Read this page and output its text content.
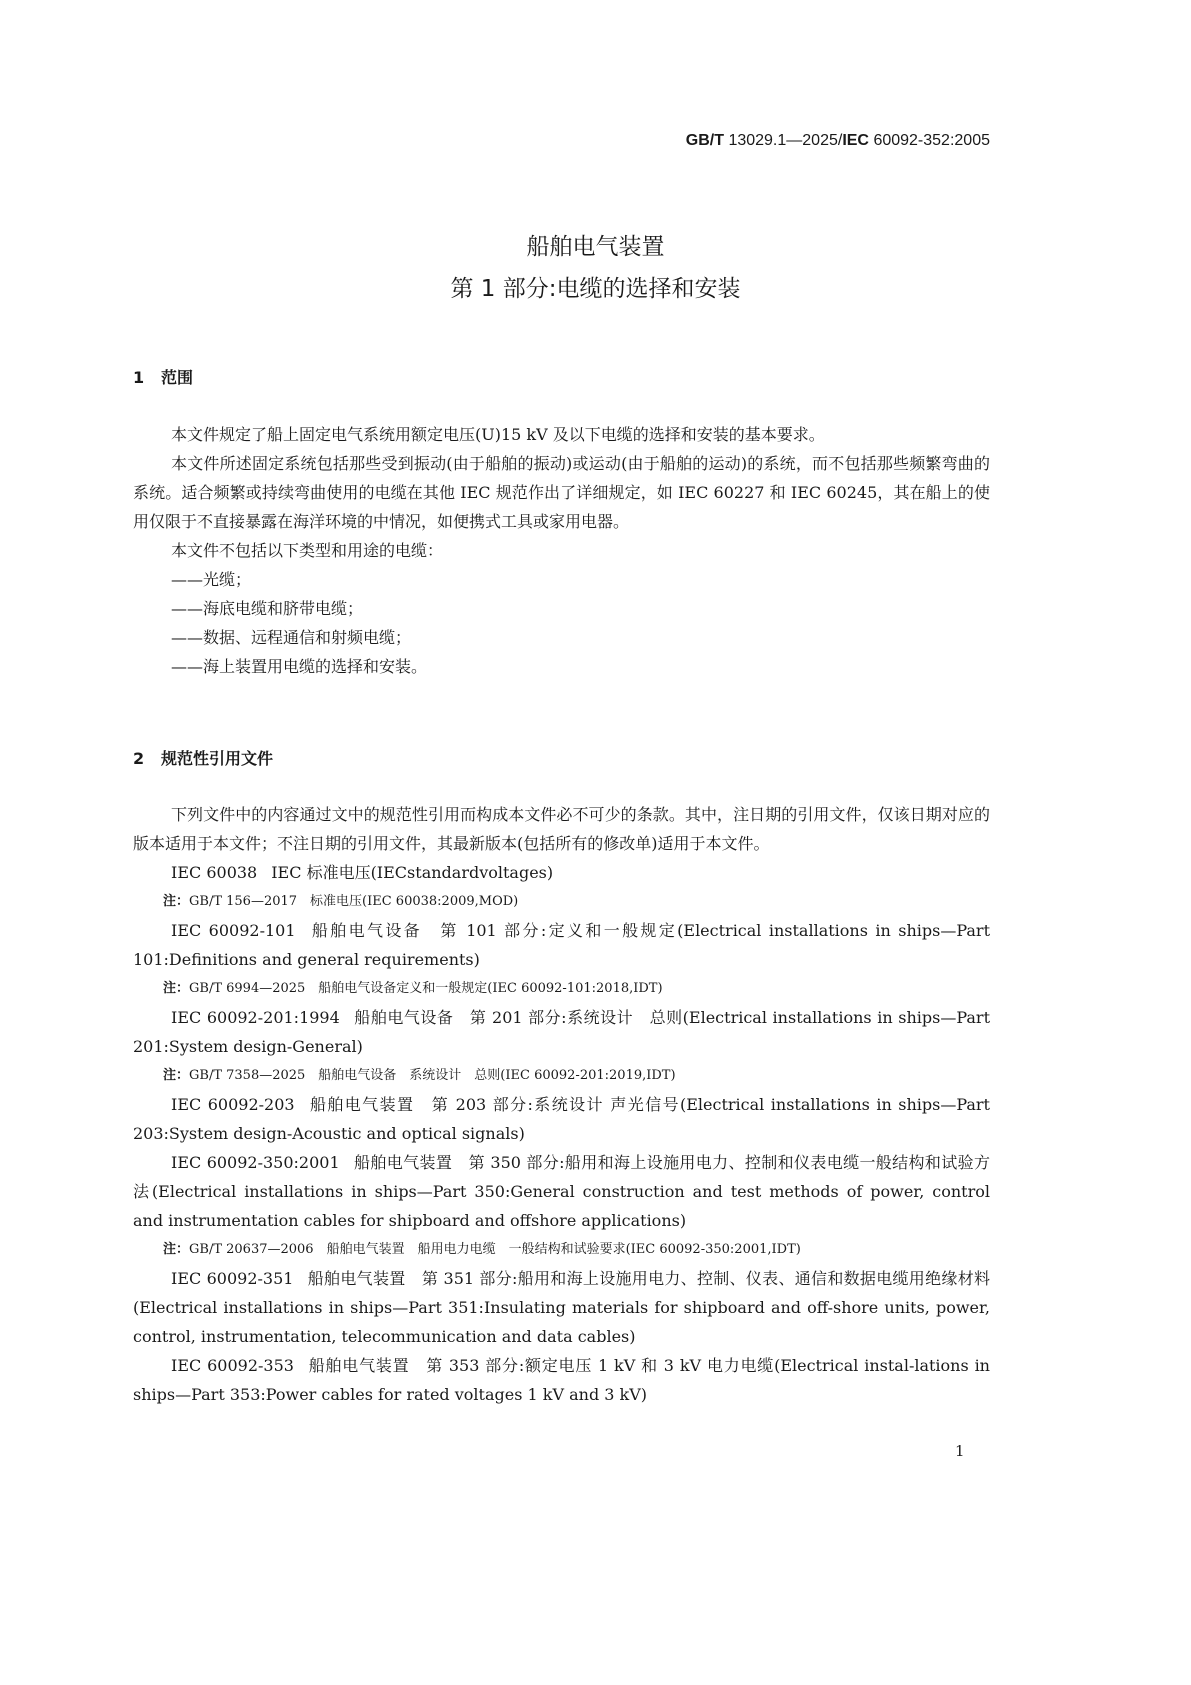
GB/T 13029.1—2025/IEC 60092-352:2005
船舶电气装置
第 1 部分:电缆的选择和安装
1 范围
本文件规定了船上固定电气系统用额定电压(U)15 kV 及以下电缆的选择和安装的基本要求。
本文件所述固定系统包括那些受到振动(由于船舶的振动)或运动(由于船舶的运动)的系统，而不包括那些频繁弯曲的系统。适合频繁或持续弯曲使用的电缆在其他 IEC 规范作出了详细规定，如 IEC 60227 和 IEC 60245，其在船上的使用仅限于不直接暴露在海洋环境的中情况，如便携式工具或家用电器。
本文件不包括以下类型和用途的电缆：
——光缆；
——海底电缆和脐带电缆；
——数据、远程通信和射频电缆；
——海上装置用电缆的选择和安装。
2 规范性引用文件
下列文件中的内容通过文中的规范性引用而构成本文件必不可少的条款。其中，注日期的引用文件，仅该日期对应的版本适用于本文件；不注日期的引用文件，其最新版本(包括所有的修改单)适用于本文件。
IEC 60038 IEC 标准电压(IECstandardvoltages)
注：GB/T 156—2017　标准电压(IEC 60038:2009,MOD)
IEC 60092-101 船舶电气设备　第 101 部分:定义和一般规定(Electrical installations in ships—Part 101:Definitions and general requirements)
注：GB/T 6994—2025　船舶电气设备定义和一般规定(IEC 60092-101:2018,IDT)
IEC 60092-201:1994 船舶电气设备　第 201 部分:系统设计　总则(Electrical installations in ships—Part 201:System design-General)
注：GB/T 7358—2025　船舶电气设备　系统设计　总则(IEC 60092-201:2019,IDT)
IEC 60092-203 船舶电气装置　第 203 部分:系统设计 声光信号(Electrical installations in ships—Part 203:System design-Acoustic and optical signals)
IEC 60092-350:2001 船舶电气装置　第 350 部分:船用和海上设施用电力、控制和仪表电缆一般结构和试验方法(Electrical installations in ships—Part 350:General construction and test methods of power, control and instrumentation cables for shipboard and offshore applications)
注：GB/T 20637—2006　船舶电气装置　船用电力电缆　一般结构和试验要求(IEC 60092-350:2001,IDT)
IEC 60092-351 船舶电气装置　第 351 部分:船用和海上设施用电力、控制、仪表、通信和数据电缆用绝缘材料(Electrical installations in ships—Part 351:Insulating materials for shipboard and off-shore units, power, control, instrumentation, telecommunication and data cables)
IEC 60092-353 船舶电气装置　第 353 部分:额定电压 1 kV 和 3 kV 电力电缆(Electrical instal-lations in ships—Part 353:Power cables for rated voltages 1 kV and 3 kV)
1
